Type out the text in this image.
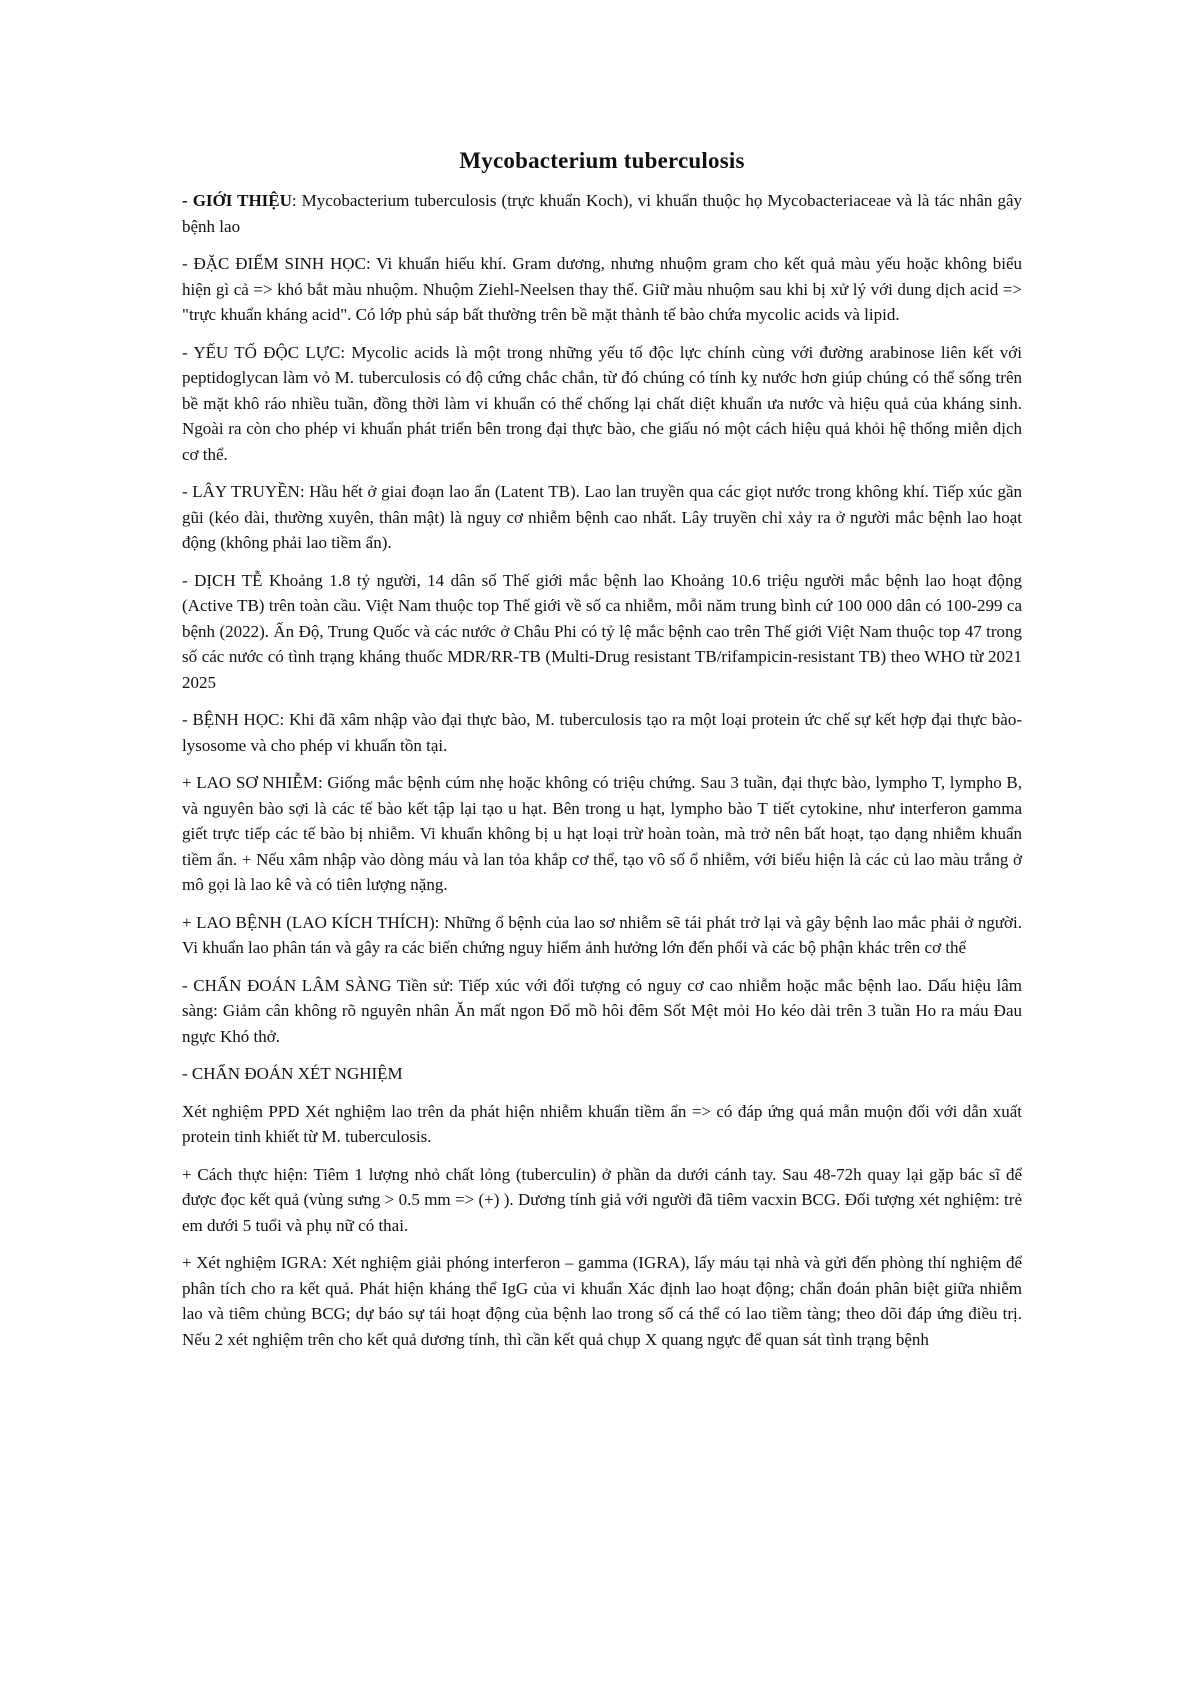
Mycobacterium tuberculosis

- GIỚI THIỆU: Mycobacterium tuberculosis (trực khuẩn Koch), vi khuẩn thuộc họ Mycobacteriaceae và là tác nhân gây bệnh lao

- ĐẶC ĐIỂM SINH HỌC: Vi khuẩn hiếu khí. Gram dương, nhưng nhuộm gram cho kết quả màu yếu hoặc không biểu hiện gì cả => khó bắt màu nhuộm. Nhuộm Ziehl-Neelsen thay thế. Giữ màu nhuộm sau khi bị xử lý với dung dịch acid => "trực khuẩn kháng acid". Có lớp phủ sáp bất thường trên bề mặt thành tế bào chứa mycolic acids và lipid.

- YẾU TỐ ĐỘC LỰC: Mycolic acids là một trong những yếu tố độc lực chính cùng với đường arabinose liên kết với peptidoglycan làm vỏ M. tuberculosis có độ cứng chắc chắn, từ đó chúng có tính kỵ nước hơn giúp chúng có thể sống trên bề mặt khô ráo nhiều tuần, đồng thời làm vi khuẩn có thể chống lại chất diệt khuẩn ưa nước và hiệu quả của kháng sinh. Ngoài ra còn cho phép vi khuẩn phát triển bên trong đại thực bào, che giấu nó một cách hiệu quả khỏi hệ thống miễn dịch cơ thể.

- LÂY TRUYỀN: Hầu hết ở giai đoạn lao ẩn (Latent TB). Lao lan truyền qua các giọt nước trong không khí. Tiếp xúc gần gũi (kéo dài, thường xuyên, thân mật) là nguy cơ nhiễm bệnh cao nhất. Lây truyền chỉ xảy ra ở người mắc bệnh lao hoạt động (không phải lao tiềm ẩn).

- DỊCH TỄ Khoảng 1.8 tỷ người, 14 dân số Thế giới mắc bệnh lao Khoảng 10.6 triệu người mắc bệnh lao hoạt động (Active TB) trên toàn cầu. Việt Nam thuộc top Thế giới về số ca nhiễm, mỗi năm trung bình cứ 100 000 dân có 100-299 ca bệnh (2022). Ấn Độ, Trung Quốc và các nước ở Châu Phi có tỷ lệ mắc bệnh cao trên Thế giới Việt Nam thuộc top 47 trong số các nước có tình trạng kháng thuốc MDR/RR-TB (Multi-Drug resistant TB/rifampicin-resistant TB) theo WHO từ 2021 2025

- BỆNH HỌC: Khi đã xâm nhập vào đại thực bào, M. tuberculosis tạo ra một loại protein ức chế sự kết hợp đại thực bào-lysosome và cho phép vi khuẩn tồn tại.

+ LAO SƠ NHIỄM: Giống mắc bệnh cúm nhẹ hoặc không có triệu chứng. Sau 3 tuần, đại thực bào, lympho T, lympho B, và nguyên bào sợi là các tế bào kết tập lại tạo u hạt. Bên trong u hạt, lympho bào T tiết cytokine, như interferon gamma giết trực tiếp các tế bào bị nhiễm. Vi khuẩn không bị u hạt loại trừ hoàn toàn, mà trở nên bất hoạt, tạo dạng nhiễm khuẩn tiềm ẩn. + Nếu xâm nhập vào dòng máu và lan tỏa khắp cơ thể, tạo vô số ổ nhiễm, với biểu hiện là các củ lao màu trắng ở mô gọi là lao kê và có tiên lượng nặng.

+ LAO BỆNH (LAO KÍCH THÍCH): Những ổ bệnh của lao sơ nhiễm sẽ tái phát trở lại và gây bệnh lao mắc phải ở người. Vi khuẩn lao phân tán và gây ra các biến chứng nguy hiểm ảnh hưởng lớn đến phổi và các bộ phận khác trên cơ thể

- CHẨN ĐOÁN LÂM SÀNG Tiền sử: Tiếp xúc với đối tượng có nguy cơ cao nhiễm hoặc mắc bệnh lao. Dấu hiệu lâm sàng: Giảm cân không rõ nguyên nhân Ăn mất ngon Đổ mồ hôi đêm Sốt Mệt mỏi Ho kéo dài trên 3 tuần Ho ra máu Đau ngực Khó thở.

- CHẨN ĐOÁN XÉT NGHIỆM

Xét nghiệm PPD Xét nghiệm lao trên da phát hiện nhiễm khuẩn tiềm ẩn => có đáp ứng quá mẫn muộn đối với dẫn xuất protein tinh khiết từ M. tuberculosis.

+ Cách thực hiện: Tiêm 1 lượng nhỏ chất lỏng (tuberculin) ở phần da dưới cánh tay. Sau 48-72h quay lại gặp bác sĩ để được đọc kết quả (vùng sưng > 0.5 mm => (+) ). Dương tính giả với người đã tiêm vacxin BCG. Đối tượng xét nghiệm: trẻ em dưới 5 tuổi và phụ nữ có thai.

+ Xét nghiệm IGRA: Xét nghiệm giải phóng interferon – gamma (IGRA), lấy máu tại nhà và gửi đến phòng thí nghiệm để phân tích cho ra kết quả. Phát hiện kháng thể IgG của vi khuẩn Xác định lao hoạt động; chẩn đoán phân biệt giữa nhiễm lao và tiêm chủng BCG; dự báo sự tái hoạt động của bệnh lao trong số cá thể có lao tiềm tàng; theo dõi đáp ứng điều trị. Nếu 2 xét nghiệm trên cho kết quả dương tính, thì cần kết quả chụp X quang ngực để quan sát tình trạng bệnh
